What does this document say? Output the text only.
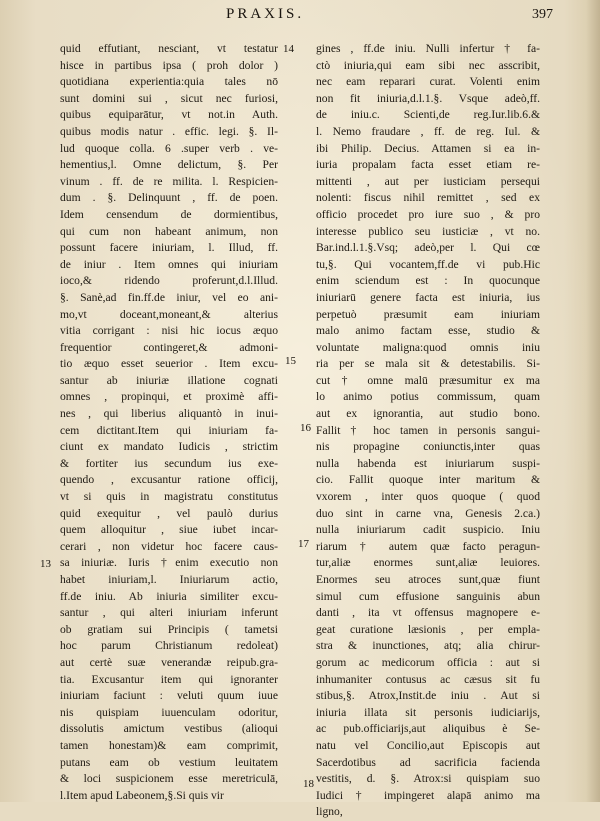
PRAXIS.	397
quid effutiant, nesciant, vt testatur
hisce in partibus ipsa ( proh dolor )
quotidiana experientia:quia tales nō
sunt domini sui , sicut nec furiosi,
quibus equiparātur, vt not.in Auth.
quibus modis natur . effic. legi. §. Il-
lud quoque colla. 6 .super verb . ve-
hementius,l. Omne delictum, §. Per
vinum . ff. de re milita. l. Respicien-
dum . §. Delinquunt , ff. de poen.
Idem censendum de dormientibus,
qui cum non habeant animum, non
possunt facere iniuriam, l. Illud, ff.
de iniur . Item omnes qui iniuriam
ioco,& ridendo proferunt,d.l.Illud.
§. Sanè,ad fin.ff.de iniur, vel eo ani-
mo,vt doceant,moneant,& alterius
vitia corrigant : nisi hic iocus æquo
frequentior contingeret,& admoni-
tio æquo esset seuerior . Item excu-
santur ab iniuriæ illatione cognati
omnes , propinqui, et proximè affi-
nes , qui liberius aliquantò in inui-
cem dictitant.Item qui iniuriam fa-
ciunt ex mandato Iudicis , strictim
& fortiter ius secundum ius exe-
quendo , excusantur ratione officij,
vt si quis in magistratu constitutus
quid exequitur , vel paulò durius
quem alloquitur , siue iubet incar-
cerari , non videtur hoc facere caus-
sa iniuriæ. Iuris †enim executio non
habet iniuriam,l. Iniuriarum actio,
ff.de iniu. Ab iniuria similiter excu-
santur , qui alteri iniuriam inferunt
ob gratiam sui Principis ( tametsi
hoc parum Christianum redoleat)
aut certè suæ venerandæ reipub.gra-
tia. Excusantur item qui ignoranter
iniuriam faciunt : veluti quum iuue
nis quispiam iuuenculam odoritur,
dissolutis amictum vestibus (alioqui
tamen honestam)& eam comprimit,
putans eam ob vestium leuitatem
& loci suspicionem esse meretriculā,
l.Item apud Labeonem,§.Si quis vir
gines , ff.de iniu. Nulli infertur † fa-
ctò iniuria,qui eam sibi nec asscribit,
nec eam reparari curat. Volenti enim
non fit iniuria,d.l.1.§. Vsque adeò,ff.
de iniu.c. Scienti,de reg.Iur.lib.6.&
l. Nemo fraudare , ff. de reg. Iul. &
ibi Philip. Decius. Attamen si ea in-
iuria propalam facta esset etiam re-
mittenti , aut per iusticiam persequi
nolenti: fiscus nihil remittet , sed ex
officio procedet pro iure suo , & pro
interesse publico seu iusticiæ , vt no.
Bar.ind.l.1.§.Vsq; adeò,per l. Qui cœ
tu,§. Qui vocantem,ff.de vi pub.Hic
enim sciendum est : In quocunque
iniuriarū genere facta est iniuria, ius
perpetuò præsumit eam iniuriam
malo animo factam esse, studio &
voluntate maligna:quod omnis iniu
ria per se mala sit & detestabilis. Si-
cut † omne malū præsumitur ex ma
lo animo potius commissum, quam
aut ex ignorantia, aut studio bono.
Fallit † hoc tamen in personis sangui-
nis propagine coniunctis,inter quas
nulla habenda est iniuriarum suspi-
cio. Fallit quoque inter maritum &
vxorem , inter quos quoque ( quod
duo sint in carne vna, Genesis 2.ca.)
nulla iniuriarum cadit suspicio. Iniu
riarum † autem quæ facto peragun-
tur,aliæ enormes sunt,aliæ leuiores.
Enormes seu atroces sunt,quæ fiunt
simul cum effusione sanguinis abun
danti , ita vt offensus magnopere e-
geat curatione læsionis , per empla-
stra & inunctiones, atq; alia chirur-
gorum ac medicorum officia : aut si
inhumaniter contusus ac cæsus sit fu
stibus,§. Atrox,Instit.de iniu . Aut si
iniuria illata sit personis iudiciarijs,
ac pub.officiarijs,aut aliquibus è Se-
natu vel Concilio,aut Episcopis aut
Sacerdotibus ad sacrificia facienda
vestitis, d. §. Atrox:si quispiam suo
Iudici † impingeret alapā animo ma
ligno,
14
15
16
17
13
18
